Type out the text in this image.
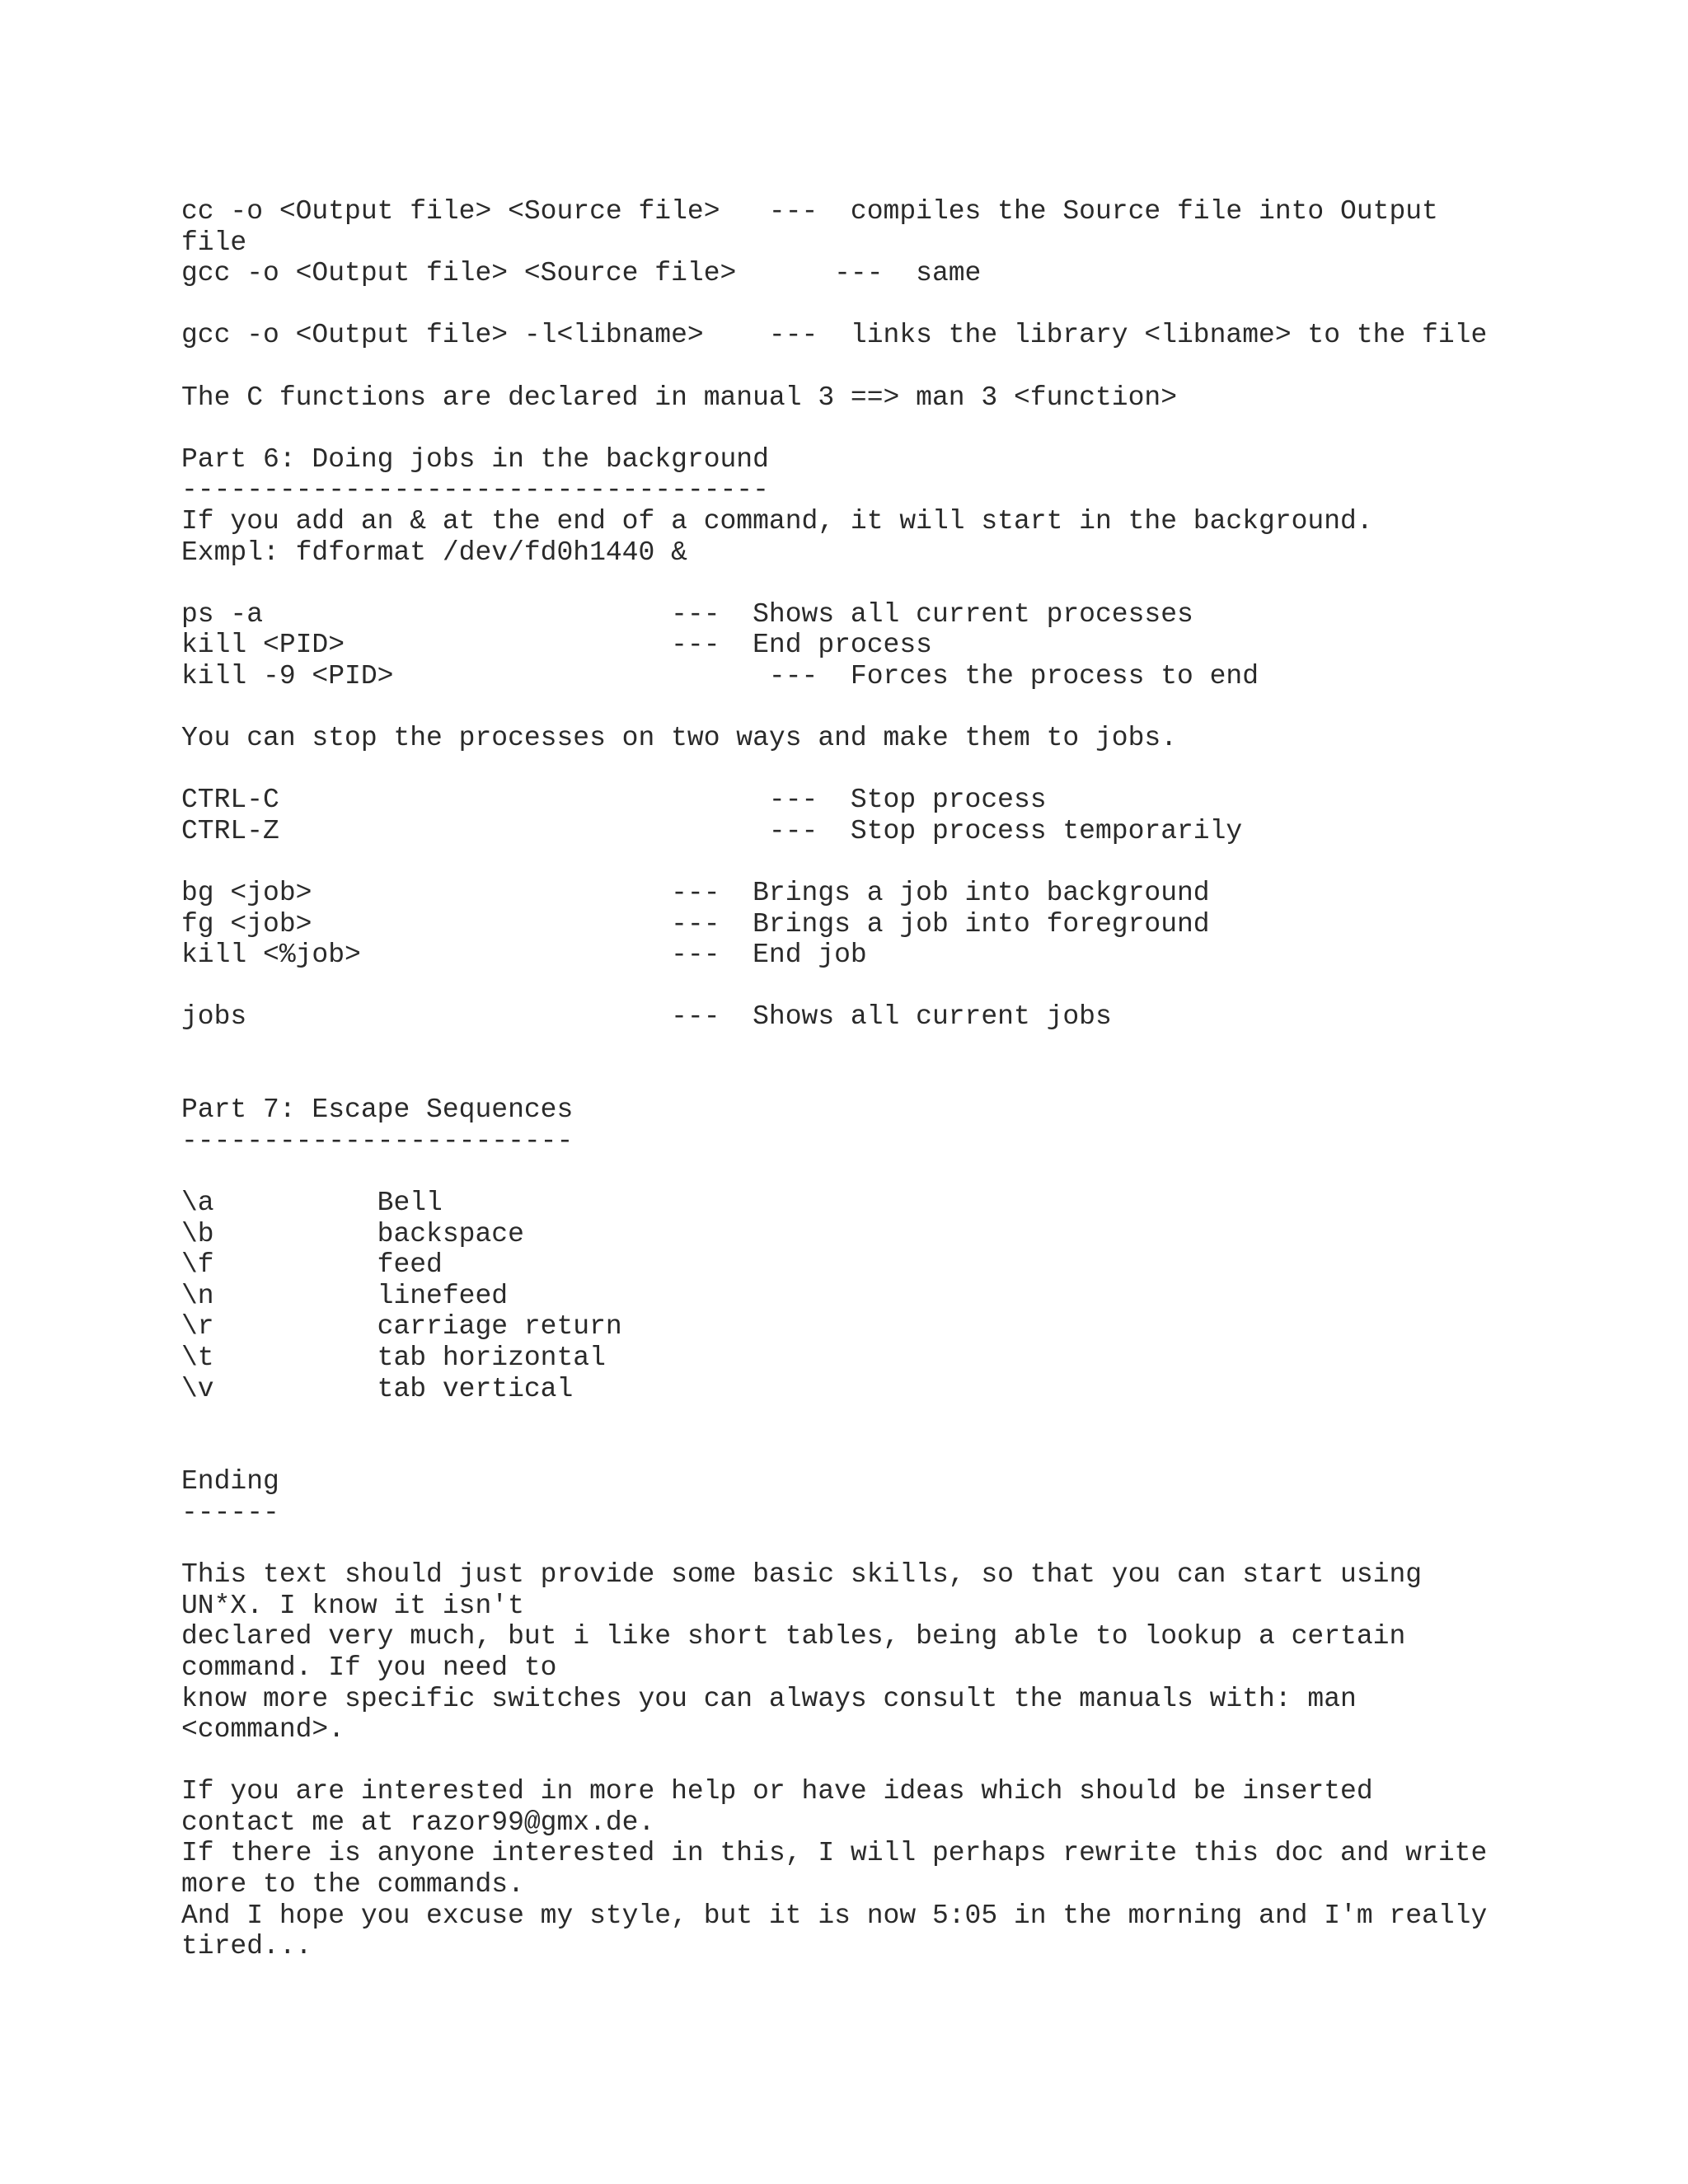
cc -o <Output file> <Source file>   ---  compiles the Source file into Output
file
gcc -o <Output file> <Source file>      ---  same
gcc -o <Output file> -l<libname>    ---  links the library <libname> to the file
The C functions are declared in manual 3 ==> man 3 <function>
Part 6: Doing jobs in the background
------------------------------------
If you add an & at the end of a command, it will start in the background.
Exmpl: fdformat /dev/fd0h1440 &
ps -a                         ---  Shows all current processes
kill <PID>                    ---  End process
kill -9 <PID>                       ---  Forces the process to end
You can stop the processes on two ways and make them to jobs.
CTRL-C                              ---  Stop process
CTRL-Z                              ---  Stop process temporarily
bg <job>                      ---  Brings a job into background
fg <job>                      ---  Brings a job into foreground
kill <%job>                   ---  End job
jobs                          ---  Shows all current jobs
Part 7: Escape Sequences
------------------------
\a          Bell
\b          backspace
\f          feed
\n          linefeed
\r          carriage return
\t          tab horizontal
\v          tab vertical
Ending
------
This text should just provide some basic skills, so that you can start using
UN*X. I know it isn't
declared very much, but i like short tables, being able to lookup a certain
command. If you need to
know more specific switches you can always consult the manuals with: man
<command>.
If you are interested in more help or have ideas which should be inserted
contact me at razor99@gmx.de.
If there is anyone interested in this, I will perhaps rewrite this doc and write
more to the commands.
And I hope you excuse my style, but it is now 5:05 in the morning and I'm really
tired...
